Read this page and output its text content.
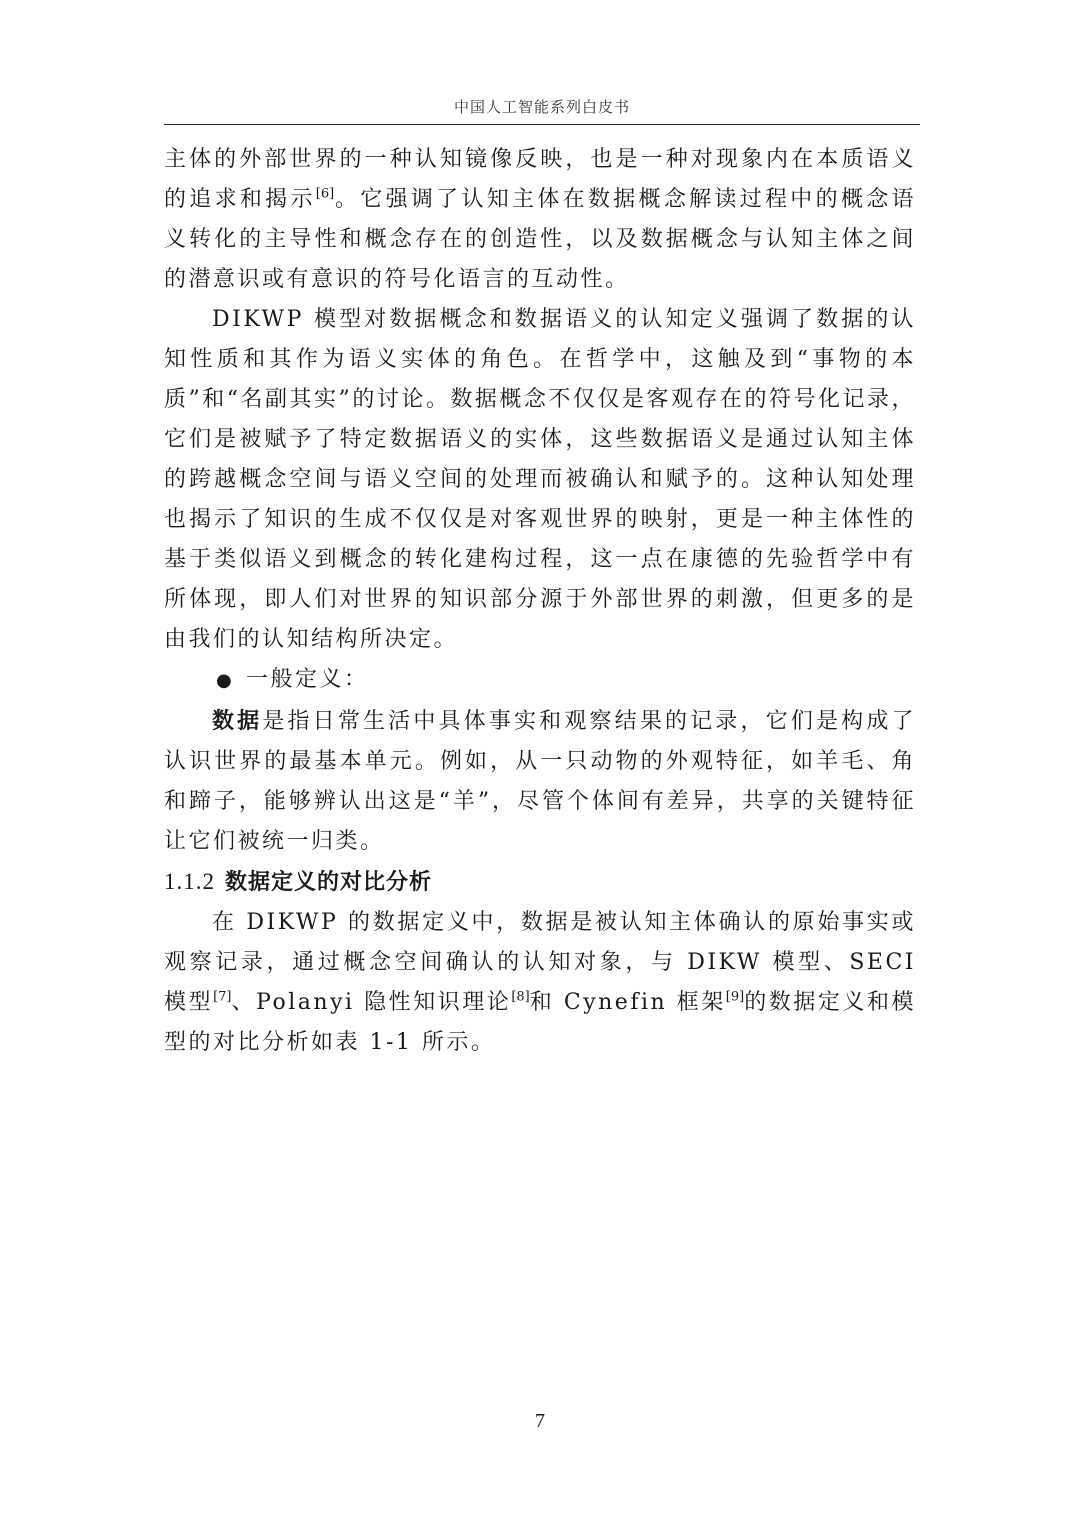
中国人工智能系列白皮书

主体的外部世界的一种认知镜像反映，也是一种对现象内在本质语义的追求和揭示[6]。它强调了认知主体在数据概念解读过程中的概念语义转化的主导性和概念存在的创造性，以及数据概念与认知主体之间的潜意识或有意识的符号化语言的互动性。

DIKWP 模型对数据概念和数据语义的认知定义强调了数据的认知性质和其作为语义实体的角色。在哲学中，这触及到“事物的本质”和“名副其实”的讨论。数据概念不仅仅是客观存在的符号化记录，它们是被赋予了特定数据语义的实体，这些数据语义是通过认知主体的跨越概念空间与语义空间的处理而被确认和赋予的。这种认知处理也揭示了知识的生成不仅仅是对客观世界的映射，更是一种主体性的基于类似语义到概念的转化建构过程，这一点在康德的先验哲学中有所体现，即人们对世界的知识部分源于外部世界的刺激，但更多的是由我们的认知结构所决定。

● 一般定义：

数据是指日常生活中具体事实和观察结果的记录，它们是构成了认识世界的最基本单元。例如，从一只动物的外观特征，如羊毛、角和蹄子，能够辨认出这是“羊”，尽管个体间有差异，共享的关键特征让它们被统一归类。

1.1.2 数据定义的对比分析

在 DIKWP 的数据定义中，数据是被认知主体确认的原始事实或观察记录，通过概念空间确认的认知对象，与 DIKW 模型、SECI 模型[7]、Polanyi 隐性知识理论[8]和 Cynefin 框架[9]的数据定义和模型的对比分析如表 1-1 所示。

7
